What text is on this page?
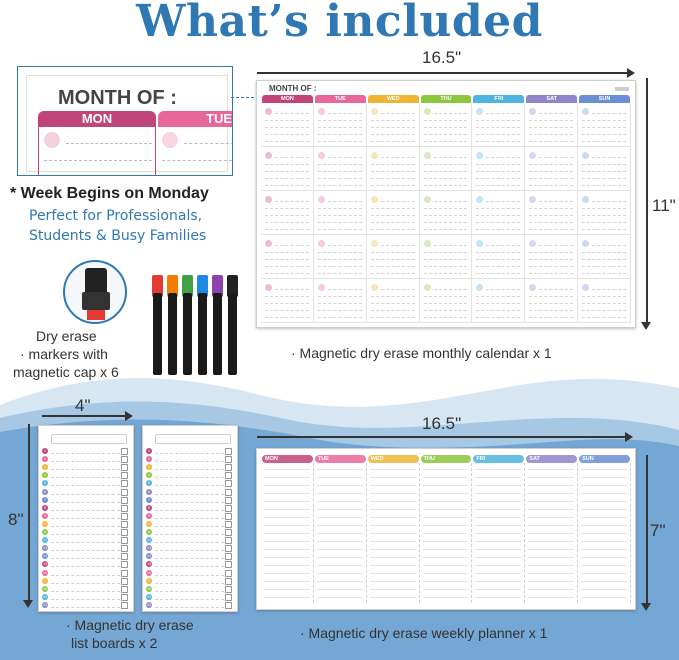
What’s included
MONTH OF :
MON	TUE
* Week Begins on Monday
Perfect for Professionals,
Students & Busy Families
Dry erase
· markers with
magnetic cap x 6
16.5"
11"
MONTH OF :
MON	TUE	WED	THU	FRI	SAT	SUN
· Magnetic dry erase monthly calendar x 1
4"
8"
1
2
3
4
5
6
7
8
9
10
11
12
13
14
15
16
17
18
19
20
1
2
3
4
5
6
7
8
9
10
11
12
13
14
15
16
17
18
19
20
· Magnetic dry erase
list boards x 2
16.5"
7"
MON	TUE	WED	THU	FRI	SAT	SUN
· Magnetic dry erase weekly planner x 1
